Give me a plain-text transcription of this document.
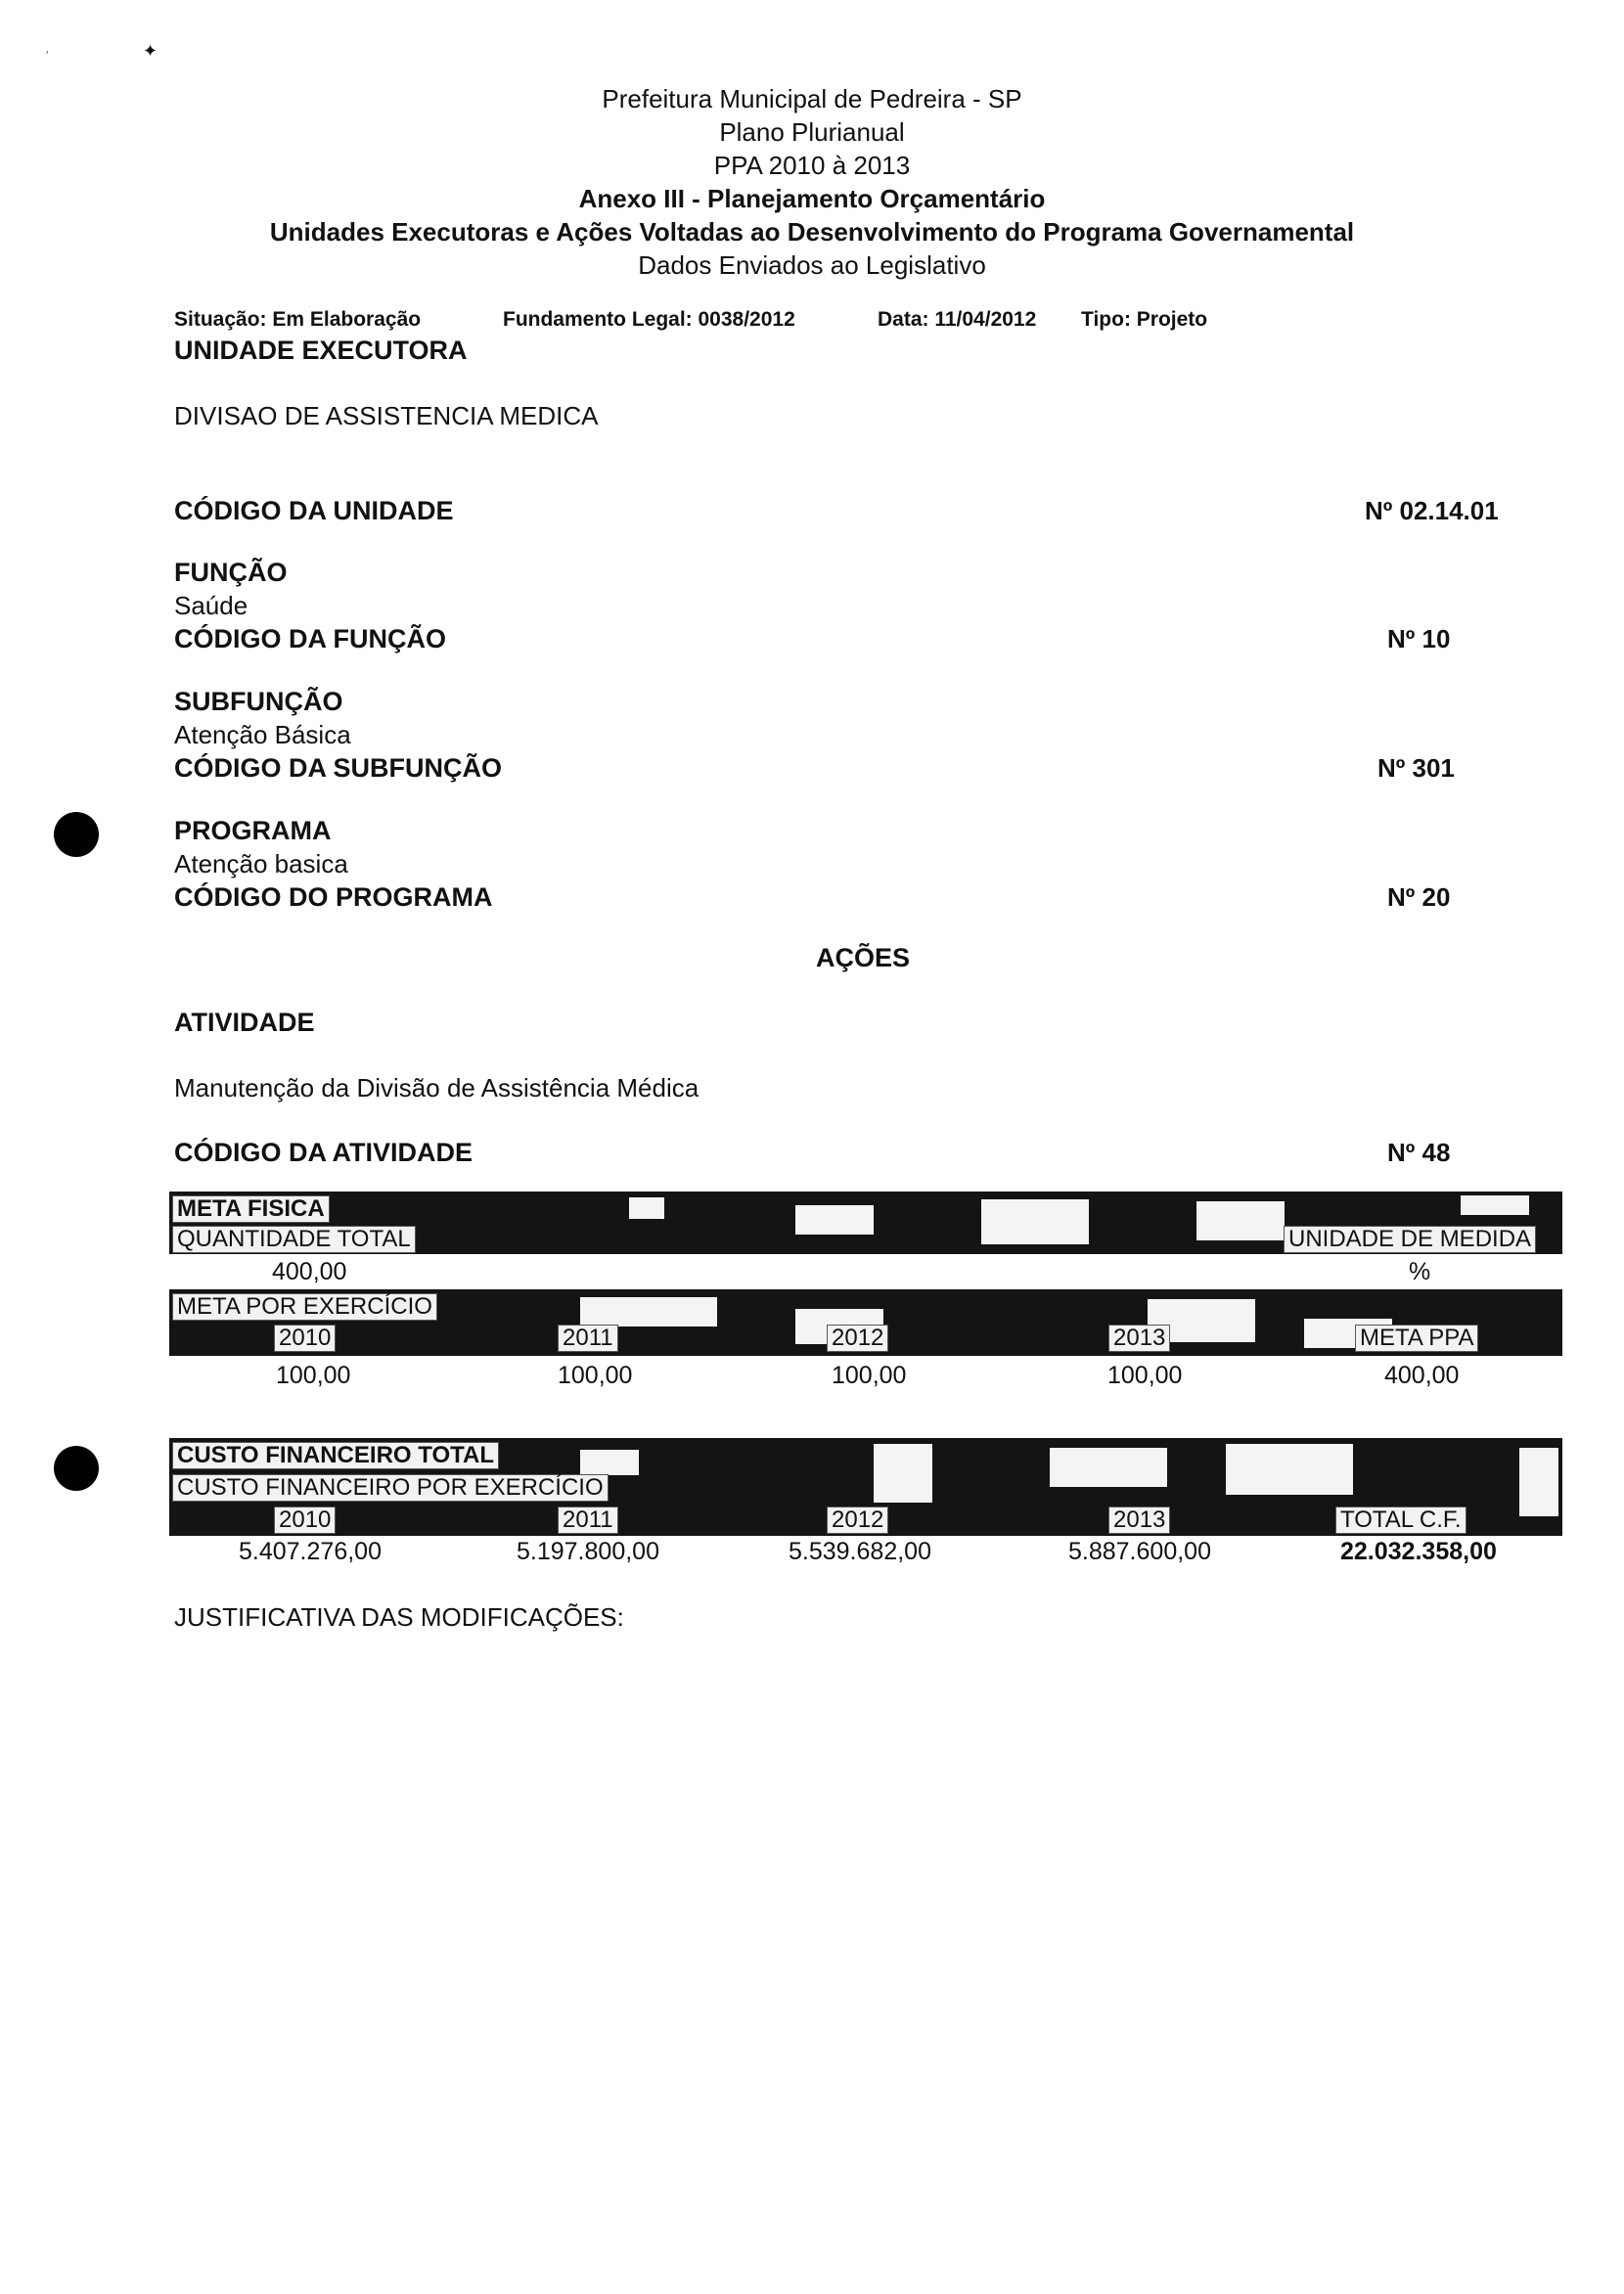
˒	✦
Prefeitura Municipal de Pedreira - SP
Plano Plurianual
PPA 2010 à 2013
Anexo III - Planejamento Orçamentário
Unidades Executoras e Ações Voltadas ao Desenvolvimento do Programa Governamental
Dados Enviados ao Legislativo
Situação: Em Elaboração	Fundamento Legal: 0038/2012	Data: 11/04/2012 Tipo: Projeto
UNIDADE EXECUTORA
DIVISAO DE ASSISTENCIA MEDICA
CÓDIGO DA UNIDADE	Nº 02.14.01
FUNÇÃO
Saúde
CÓDIGO DA FUNÇÃO	Nº 10
SUBFUNÇÃO
Atenção Básica
CÓDIGO DA SUBFUNÇÃO	Nº 301
PROGRAMA
Atenção basica
CÓDIGO DO PROGRAMA	Nº 20
AÇÕES
ATIVIDADE
Manutenção da Divisão de Assistência Médica
CÓDIGO DA ATIVIDADE	Nº 48
META FISICA
QUANTIDADE TOTAL	UNIDADE DE MEDIDA
400,00	%
META POR EXERCÍCIO
2010	2011	2012	2013	META PPA
100,00	100,00	100,00	100,00	400,00
CUSTO FINANCEIRO TOTAL
CUSTO FINANCEIRO POR EXERCÍCIO
2010	2011	2012	2013	TOTAL C.F.
5.407.276,00	5.197.800,00	5.539.682,00	5.887.600,00	22.032.358,00
JUSTIFICATIVA DAS MODIFICAÇÕES:
